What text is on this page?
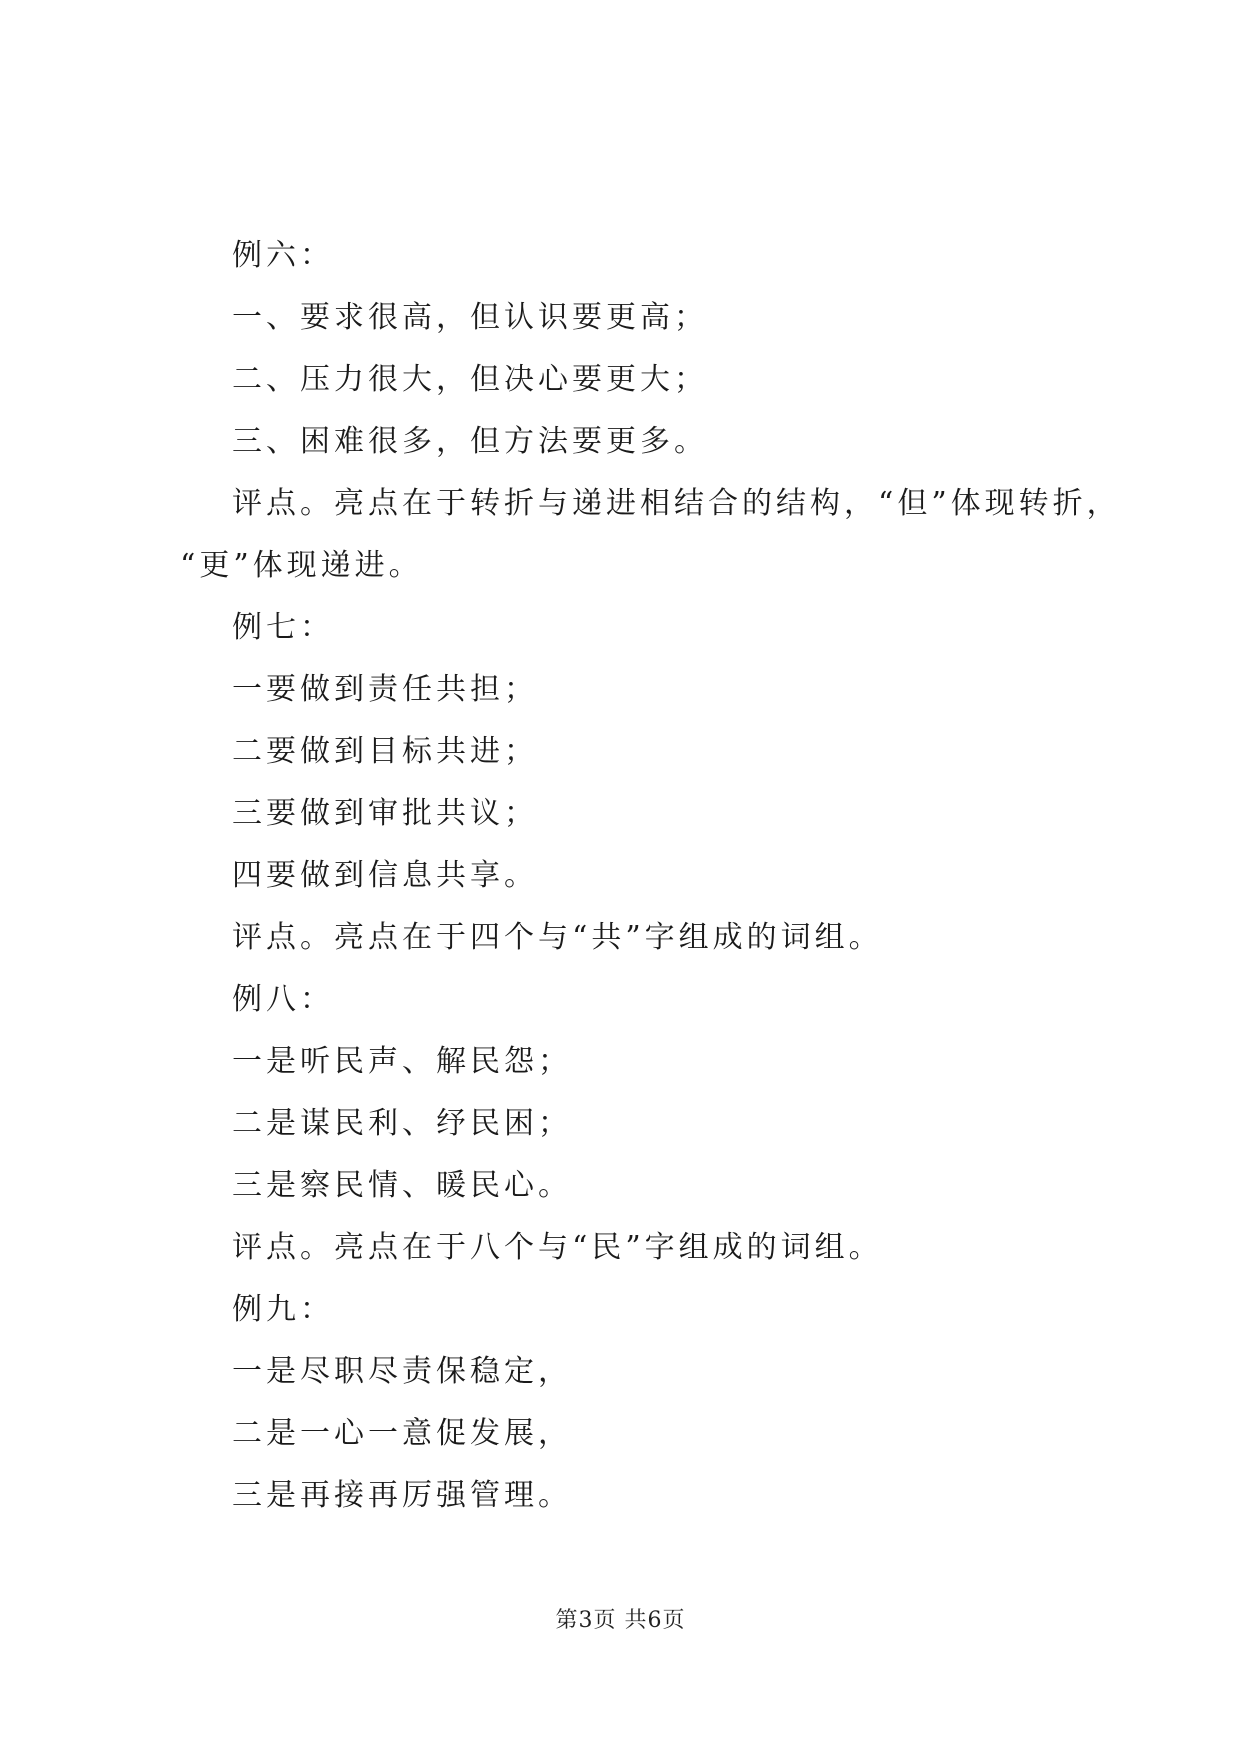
例六：
一、要求很高，但认识要更高；
二、压力很大，但决心要更大；
三、困难很多，但方法要更多。
评点。亮点在于转折与递进相结合的结构，“但”体现转折，
“更”体现递进。
例七：
一要做到责任共担；
二要做到目标共进；
三要做到审批共议；
四要做到信息共享。
评点。亮点在于四个与“共”字组成的词组。
例八：
一是听民声、解民怨；
二是谋民利、纾民困；
三是察民情、暖民心。
评点。亮点在于八个与“民”字组成的词组。
例九：
一是尽职尽责保稳定，
二是一心一意促发展，
三是再接再厉强管理。
第3页 共6页
